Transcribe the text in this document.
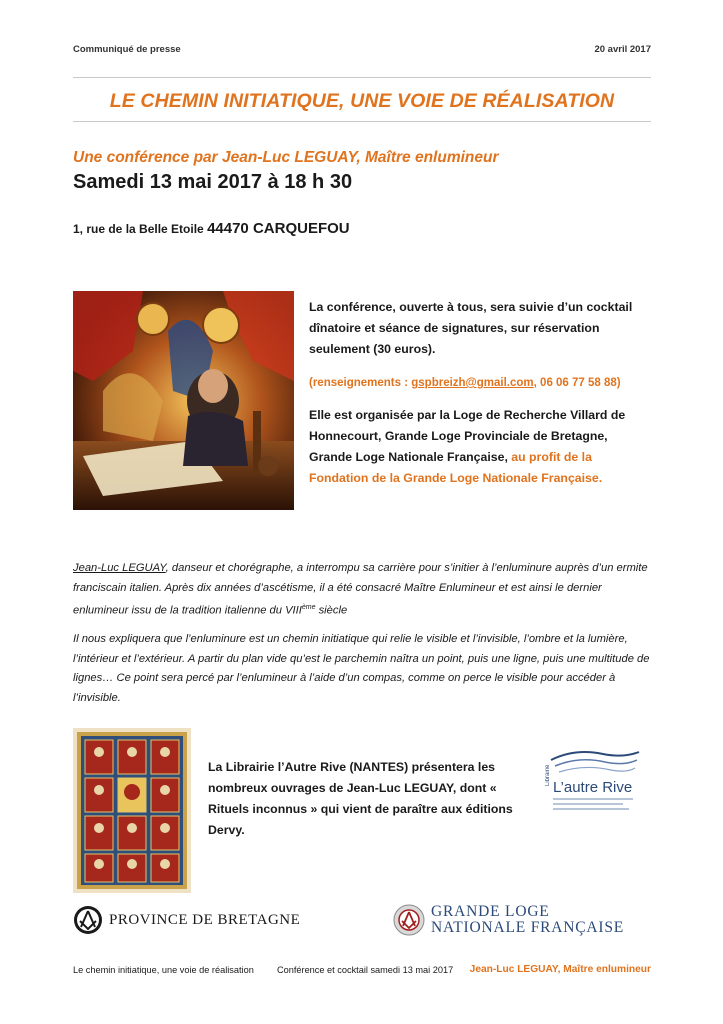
Communiqué de presse	20 avril 2017
LE CHEMIN INITIATIQUE, UNE VOIE DE RÉALISATION
Une conférence par Jean-Luc LEGUAY, Maître enlumineur
Samedi 13 mai 2017 à 18 h 30
1, rue de la Belle Etoile 44470 CARQUEFOU
La conférence, ouverte à tous, sera suivie d’un cocktail dînatoire et séance de signatures, sur réservation seulement (30 euros).
(renseignements : gspbreizh@gmail.com, 06 06 77 58 88)
Elle est organisée par la Loge de Recherche Villard de Honnecourt, Grande Loge Provinciale de Bretagne, Grande Loge Nationale Française, au profit de la Fondation de la Grande Loge Nationale Française.
Jean-Luc LEGUAY, danseur et chorégraphe, a interrompu sa carrière pour s’initier à l’enluminure auprès d’un ermite franciscain italien. Après dix années d’ascétisme, il a été consacré Maître Enlumineur et est ainsi le dernier enlumineur issu de la tradition italienne du VIIIème siècle
Il nous expliquera que l’enluminure est un chemin initiatique qui relie le visible et l’invisible, l’ombre et la lumière, l’intérieur et l’extérieur. A partir du plan vide qu’est le parchemin naîtra un point, puis une ligne, puis une multitude de lignes… Ce point sera percé par l’enlumineur à l’aide d’un compas, comme on perce le visible pour accéder à l’invisible.
La Librairie l’Autre Rive (NANTES) présentera les nombreux ouvrages de Jean-Luc LEGUAY, dont « Rituels inconnus » qui vient de paraître aux éditions Dervy.
Librairie
L’autre Rive
PROVINCE DE BRETAGNE	GRANDE LOGE
NATIONALE FRANÇAISE
Le chemin initiatique, une voie de réalisation	Conférence et cocktail samedi 13 mai 2017 Jean-Luc LEGUAY, Maître enlumineur
